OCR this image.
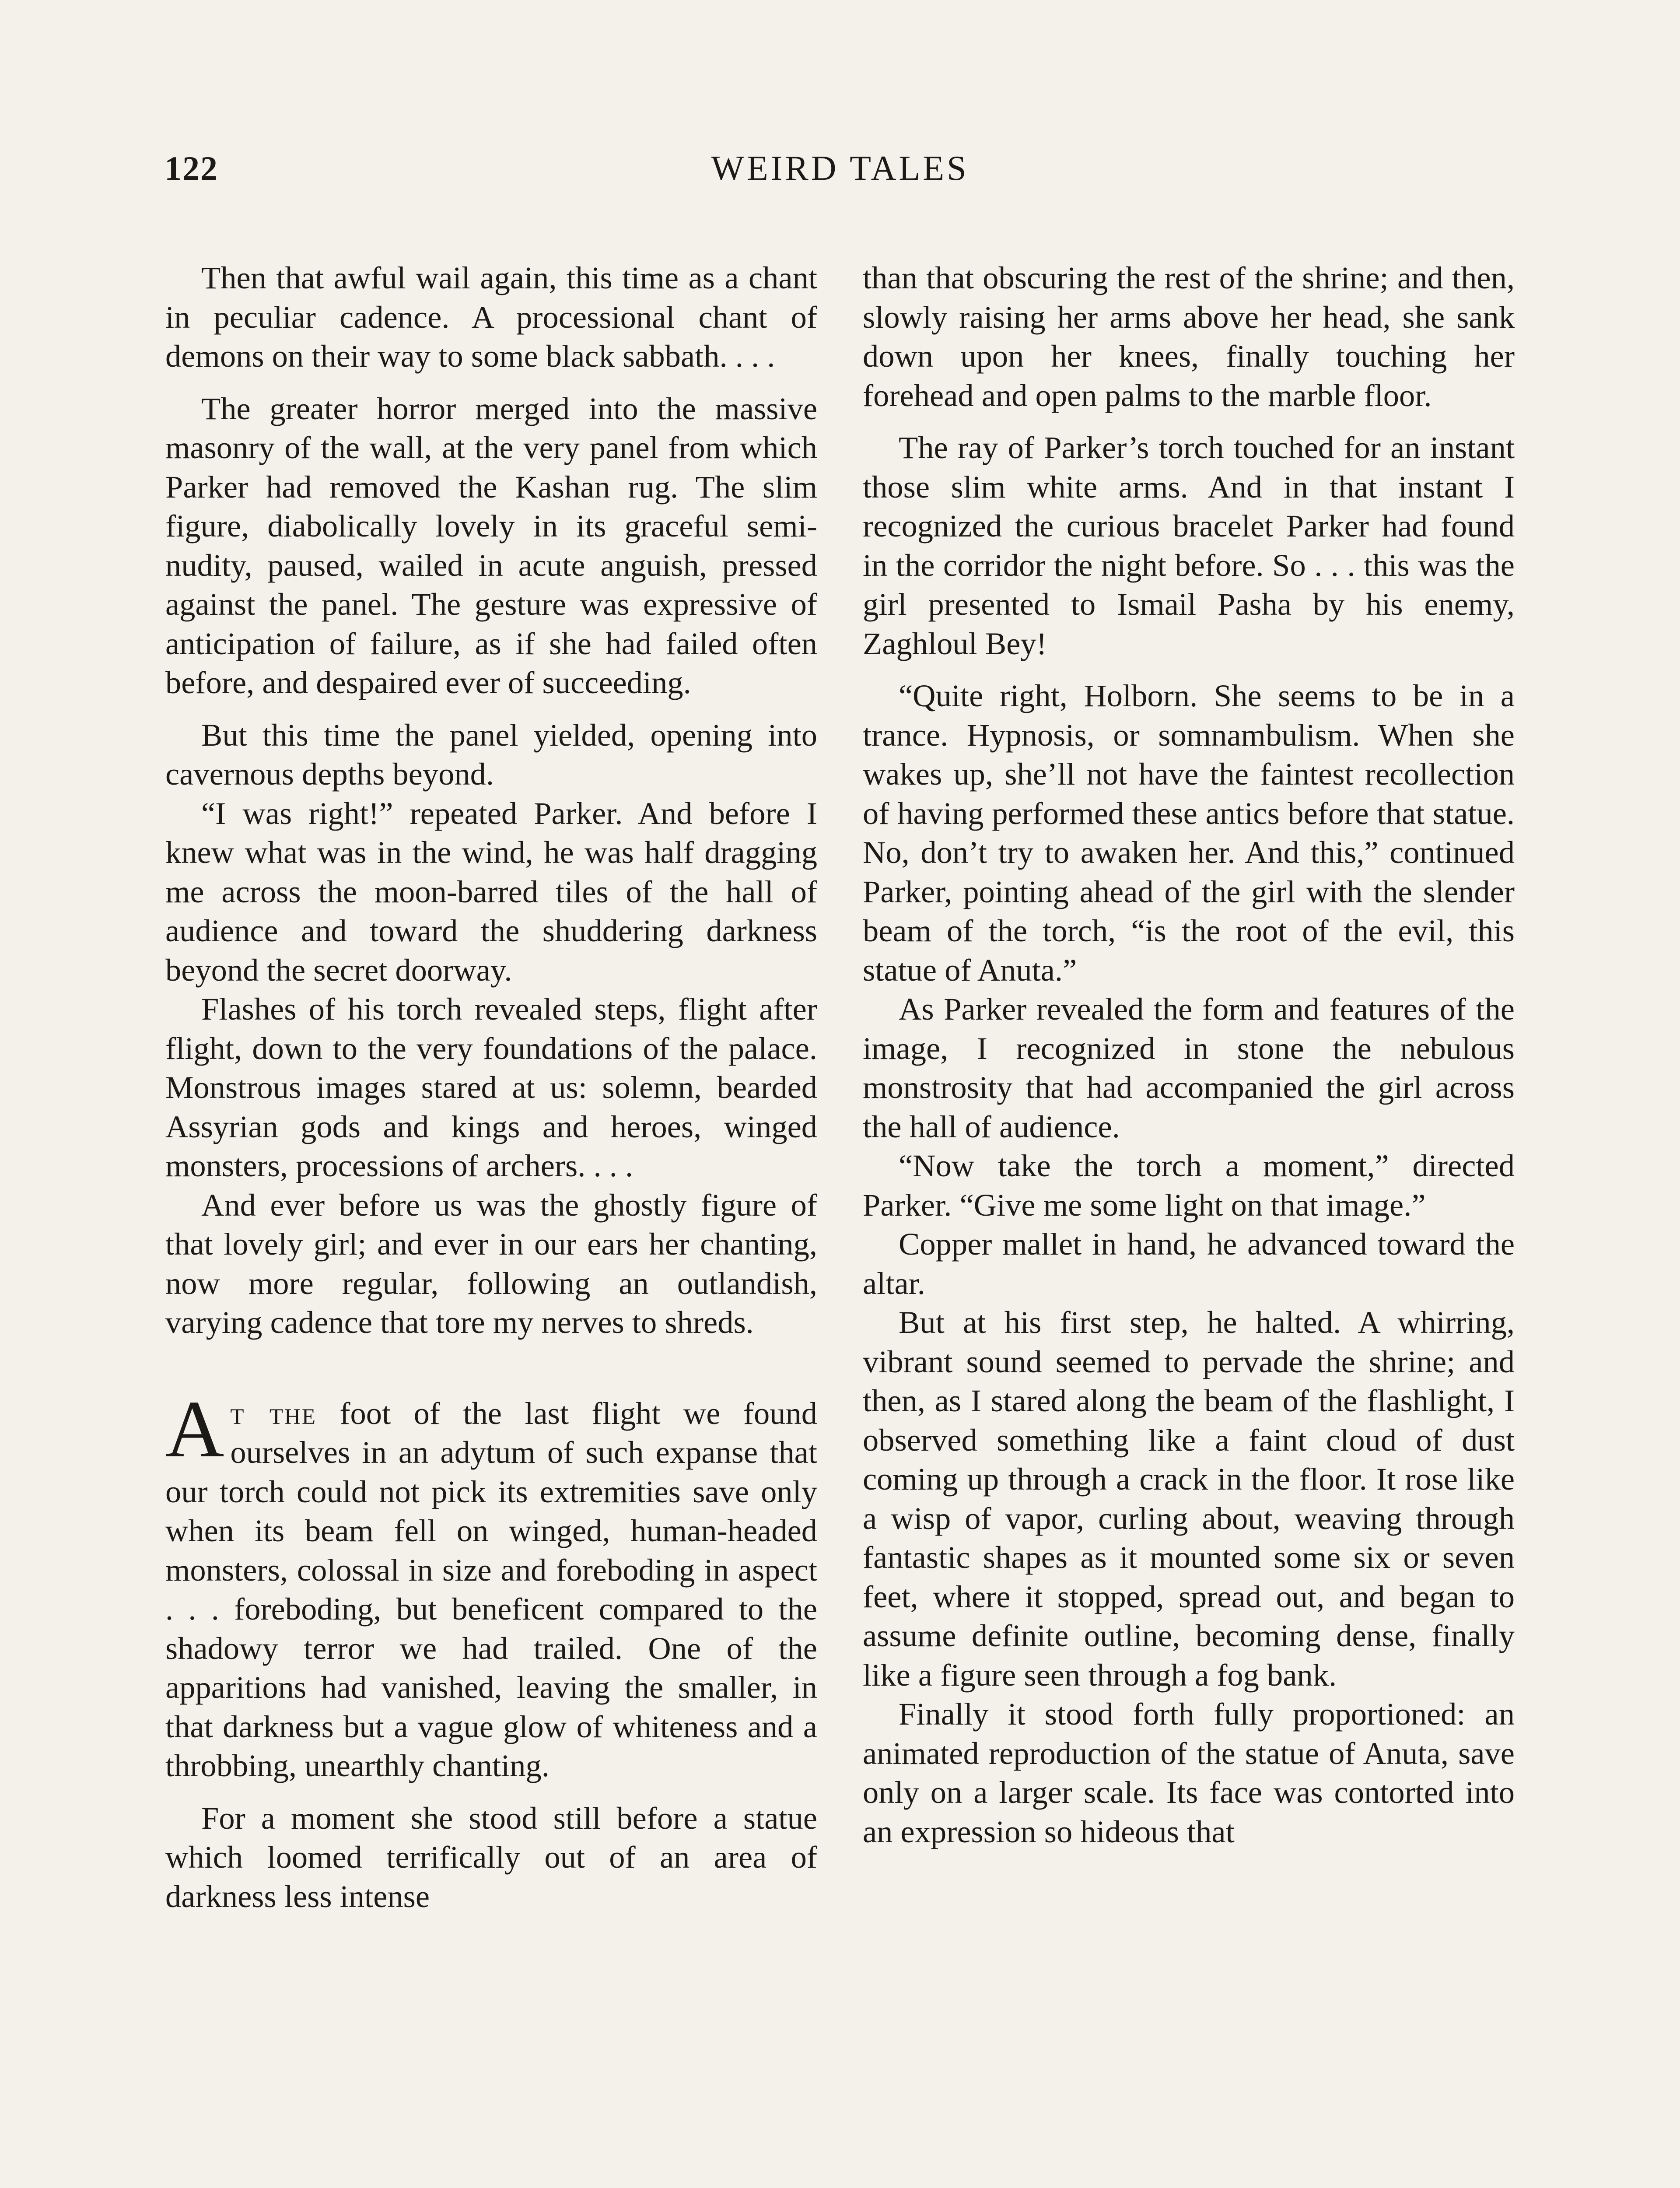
122	WEIRD TALES

Then that awful wail again, this time as a chant in peculiar cadence. A processional chant of demons on their way to some black sabbath. . . .

The greater horror merged into the massive masonry of the wall, at the very panel from which Parker had removed the Kashan rug. The slim figure, diabolically lovely in its graceful semi-nudity, paused, wailed in acute anguish, pressed against the panel. The gesture was expressive of anticipation of failure, as if she had failed often before, and despaired ever of succeeding.

But this time the panel yielded, opening into cavernous depths beyond.

“I was right!” repeated Parker. And before I knew what was in the wind, he was half dragging me across the moon-barred tiles of the hall of audience and toward the shuddering darkness beyond the secret doorway.

Flashes of his torch revealed steps, flight after flight, down to the very foundations of the palace. Monstrous images stared at us: solemn, bearded Assyrian gods and kings and heroes, winged monsters, processions of archers. . . .

And ever before us was the ghostly figure of that lovely girl; and ever in our ears her chanting, now more regular, following an outlandish, varying cadence that tore my nerves to shreds.

At the foot of the last flight we found ourselves in an adytum of such expanse that our torch could not pick its extremities save only when its beam fell on winged, human-headed monsters, colossal in size and foreboding in aspect . . . foreboding, but beneficent compared to the shadowy terror we had trailed. One of the apparitions had vanished, leaving the smaller, in that darkness but a vague glow of whiteness and a throbbing, unearthly chanting.

For a moment she stood still before a statue which loomed terrifically out of an area of darkness less intense

than that obscuring the rest of the shrine; and then, slowly raising her arms above her head, she sank down upon her knees, finally touching her forehead and open palms to the marble floor.

The ray of Parker’s torch touched for an instant those slim white arms. And in that instant I recognized the curious bracelet Parker had found in the corridor the night before. So . . . this was the girl presented to Ismail Pasha by his enemy, Zaghloul Bey!

“Quite right, Holborn. She seems to be in a trance. Hypnosis, or somnambulism. When she wakes up, she’ll not have the faintest recollection of having performed these antics before that statue. No, don’t try to awaken her. And this,” continued Parker, pointing ahead of the girl with the slender beam of the torch, “is the root of the evil, this statue of Anuta.”

As Parker revealed the form and features of the image, I recognized in stone the nebulous monstrosity that had accompanied the girl across the hall of audience.

“Now take the torch a moment,” directed Parker. “Give me some light on that image.”

Copper mallet in hand, he advanced toward the altar.

But at his first step, he halted. A whirring, vibrant sound seemed to pervade the shrine; and then, as I stared along the beam of the flashlight, I observed something like a faint cloud of dust coming up through a crack in the floor. It rose like a wisp of vapor, curling about, weaving through fantastic shapes as it mounted some six or seven feet, where it stopped, spread out, and began to assume definite outline, becoming dense, finally like a figure seen through a fog bank.

Finally it stood forth fully proportioned: an animated reproduction of the statue of Anuta, save only on a larger scale. Its face was contorted into an expression so hideous that
